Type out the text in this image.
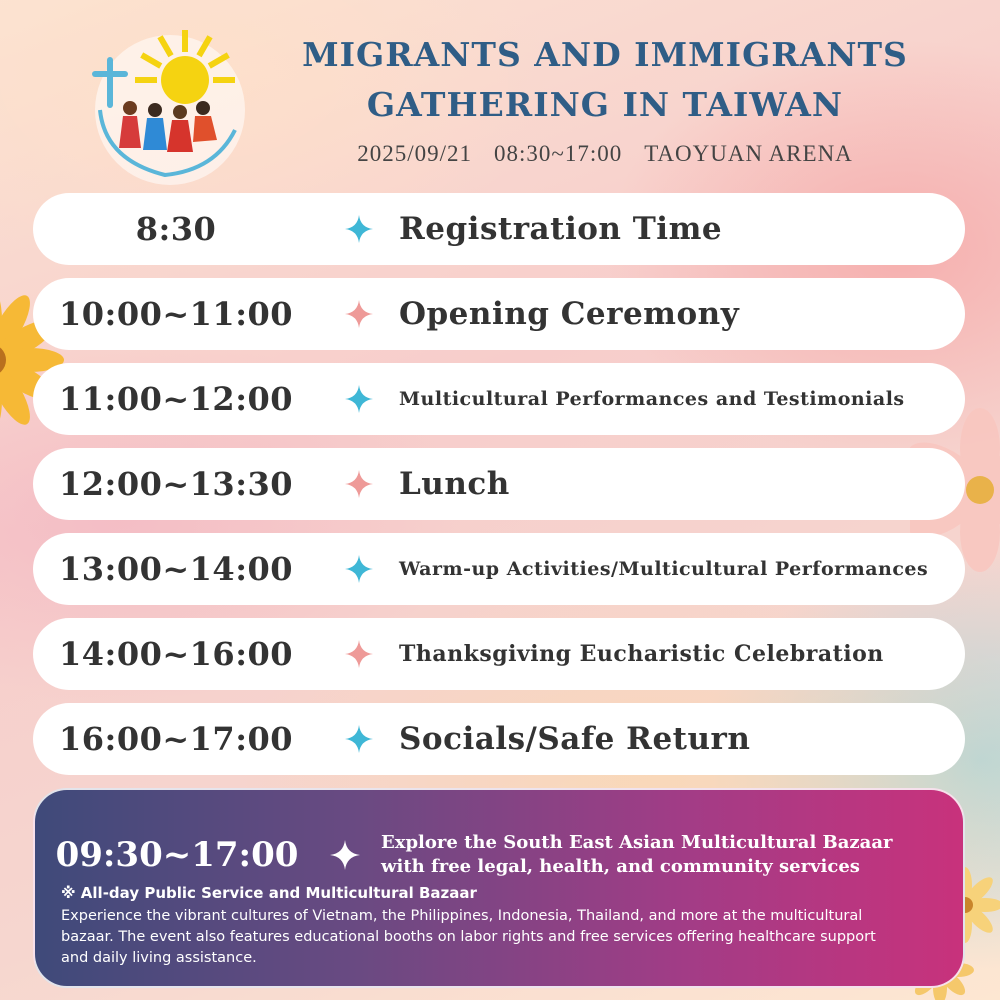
MIGRANTS AND IMMIGRANTS
GATHERING IN TAIWAN
2025/09/21 08:30~17:00 TAOYUAN ARENA
8:30	Registration Time
10:00~11:00	Opening Ceremony
11:00~12:00	Multicultural Performances and Testimonials
12:00~13:30	Lunch
13:00~14:00	Warm-up Activities/Multicultural Performances
14:00~16:00	Thanksgiving Eucharistic Celebration
16:00~17:00	Socials/Safe Return
09:30~17:00	Explore the South East Asian Multicultural Bazaar
with free legal, health, and community services
※ All-day Public Service and Multicultural Bazaar
Experience the vibrant cultures of Vietnam, the Philippines, Indonesia, Thailand, and more at the multicultural bazaar. The event also features educational booths on labor rights and free services offering healthcare support and daily living assistance.
